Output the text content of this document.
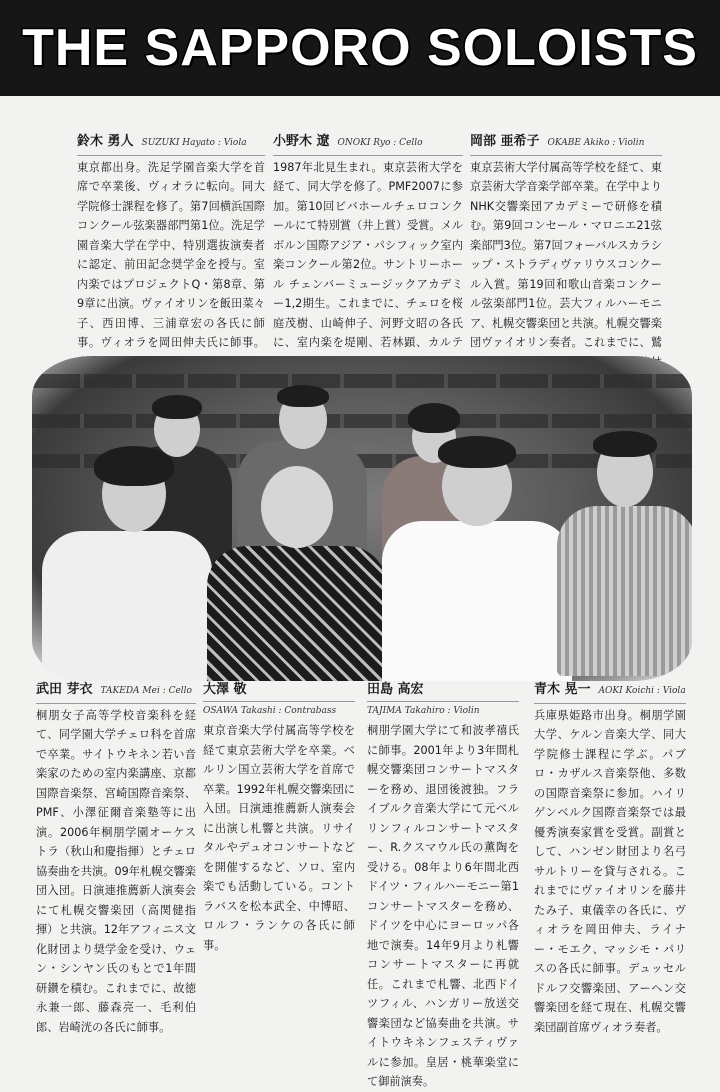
THE SAPPORO SOLOISTS
鈴木 勇人 SUZUKI Hayato : Viola

東京都出身。洗足学園音楽大学を首席で卒業後、ヴィオラに転向。同大学院修士課程を修了。第7回横浜国際コンクール弦楽器部門第1位。洗足学園音楽大学在学中、特別選抜演奏者に認定、前田記念奨学金を授与。室内楽ではプロジェクトQ・第8章、第9章に出演。ヴァイオリンを飯田菜々子、西田博、三浦章宏の各氏に師事。ヴィオラを岡田伸夫氏に師事。

小野木 遼 ONOKI Ryo : Cello

1987年北見生まれ。東京芸術大学を経て、同大学を修了。PMF2007に参加。第10回ビバホールチェロコンクールにて特別賞（井上賞）受賞。メルボルン国際アジア・パシフィック室内楽コンクール第2位。サントリーホール チェンバーミュージックアカデミー1,2期生。これまでに、チェロを桜庭茂樹、山崎伸子、河野文昭の各氏に、室内楽を堤剛、若林顕、カルテ

岡部 亜希子 OKABE Akiko : Violin

東京芸術大学付属高等学校を経て、東京芸術大学音楽学部卒業。在学中よりNHK交響楽団アカデミーで研修を積む。第9回コンセール・マロニエ21弦楽部門3位。第7回フォーバルスカラシップ・ストラディヴァリウスコンクール入賞。第19回和歌山音楽コンクール弦楽部門1位。芸大フィルハーモニア、札幌交響楽団と共演。札幌交響楽団ヴァイオリン奏者。これまでに、鷲

武田 芽衣 TAKEDA Mei : Cello

桐朋女子高等学校音楽科を経て、同学園大学チェロ科を首席で卒業。サイトウキネン若い音楽家のための室内楽講座、京都国際音楽祭、宮崎国際音楽祭、PMF、小澤征爾音楽塾等に出演。2006年桐朋学園オーケストラ（秋山和慶指揮）とチェロ協奏曲を共演。09年札幌交響楽団入団。日演連推薦新人演奏会にて札幌交響楽団（高関健指揮）と共演。12年アフィニス文化財団より奨学金を受け、ウェン・シンヤン氏のもとで1年間研鑽を積む。これまでに、故徳永兼一郎、藤森亮一、毛利伯郎、岩崎洸の各氏に師事。

大澤 敬
OSAWA Takashi : Contrabass

東京音楽大学付属高等学校を経て東京芸術大学を卒業。ベルリン国立芸術大学を首席で卒業。1992年札幌交響楽団に入団。日演連推薦新人演奏会に出演し札響と共演。リサイタルやデュオコンサートなどを開催するなど、ソロ、室内楽でも活動している。コントラバスを松本武全、中博昭、ロルフ・ランケの各氏に師事。

田島 高宏
TAJIMA Takahiro : Violin

桐朋学園大学にて和波孝禧氏に師事。2001年より3年間札幌交響楽団コンサートマスターを務め、退団後渡独。フライブルク音楽大学にて元ベルリンフィルコンサートマスター、R.クスマウル氏の薫陶を受ける。08年より6年間北西ドイツ・フィルハーモニー第1コンサートマスターを務め、ドイツを中心にヨーロッパ各地で演奏。14年9月より札響コンサートマスターに再就任。これまで札響、北西ドイツフィル、ハンガリー放送交響楽団など協奏曲を共演。サイトウキネンフェスティヴァルに参加。皇居・桃華楽堂にて御前演奏。

青木 晃一 AOKI Koichi : Viola

兵庫県姫路市出身。桐朋学園大学、ケルン音楽大学、同大学院修士課程に学ぶ。パブロ・カザルス音楽祭他、多数の国際音楽祭に参加。ハイリゲンベルク国際音楽祭では最優秀演奏家賞を受賞。副賞として、ハンゼン財団より名弓サルトリーを貸与される。これまでにヴァイオリンを藤井たみ子、東儀幸の各氏に、ヴィオラを岡田伸夫、ライナー・モエク、マッシモ・パリスの各氏に師事。デュッセルドルフ交響楽団、アーヘン交響楽団を経て現在、札幌交響楽団副首席ヴィオラ奏者。
